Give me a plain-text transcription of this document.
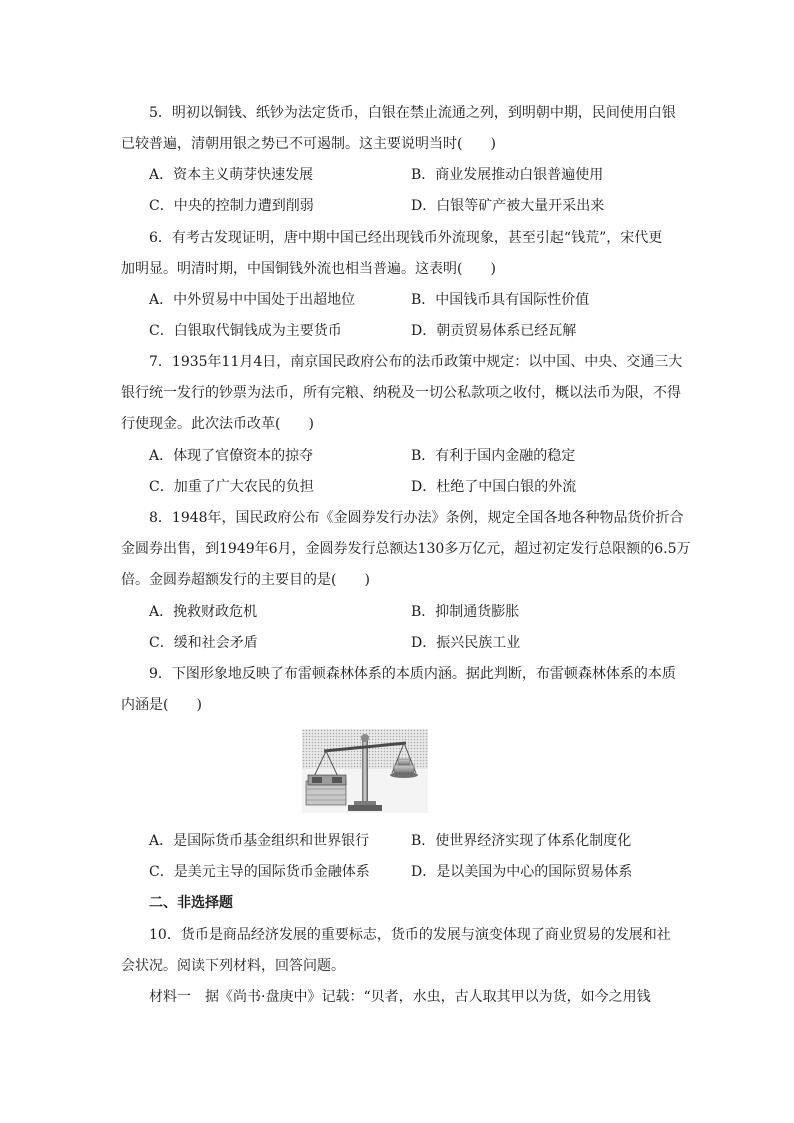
5．明初以铜钱、纸钞为法定货币，白银在禁止流通之列，到明朝中期，民间使用白银
已较普遍，清朝用银之势已不可遏制。这主要说明当时(　　)
A．资本主义萌芽快速发展	B．商业发展推动白银普遍使用
C．中央的控制力遭到削弱	D．白银等矿产被大量开采出来
6．有考古发现证明，唐中期中国已经出现钱币外流现象，甚至引起“钱荒”，宋代更
加明显。明清时期，中国铜钱外流也相当普遍。这表明(　　)
A．中外贸易中中国处于出超地位	B．中国钱币具有国际性价值
C．白银取代铜钱成为主要货币	D．朝贡贸易体系已经瓦解
7．1935年11月4日，南京国民政府公布的法币政策中规定：以中国、中央、交通三大
银行统一发行的钞票为法币，所有完粮、纳税及一切公私款项之收付，概以法币为限，不得
行使现金。此次法币改革(　　)
A．体现了官僚资本的掠夺	B．有利于国内金融的稳定
C．加重了广大农民的负担	D．杜绝了中国白银的外流
8．1948年，国民政府公布《金圆券发行办法》条例，规定全国各地各种物品货价折合
金圆券出售，到1949年6月，金圆券发行总额达130多万亿元，超过初定发行总限额的6.5万
倍。金圆券超额发行的主要目的是(　　)
A．挽救财政危机	B．抑制通货膨胀
C．缓和社会矛盾	D．振兴民族工业
9．下图形象地反映了布雷顿森林体系的本质内涵。据此判断，布雷顿森林体系的本质
内涵是(　　)
A．是国际货币基金组织和世界银行	B．使世界经济实现了体系化制度化
C．是美元主导的国际货币金融体系	D．是以美国为中心的国际贸易体系
二、非选择题
10．货币是商品经济发展的重要标志，货币的发展与演变体现了商业贸易的发展和社
会状况。阅读下列材料，回答问题。
材料一　据《尚书·盘庚中》记载：“贝者，水虫，古人取其甲以为货，如今之用钱
